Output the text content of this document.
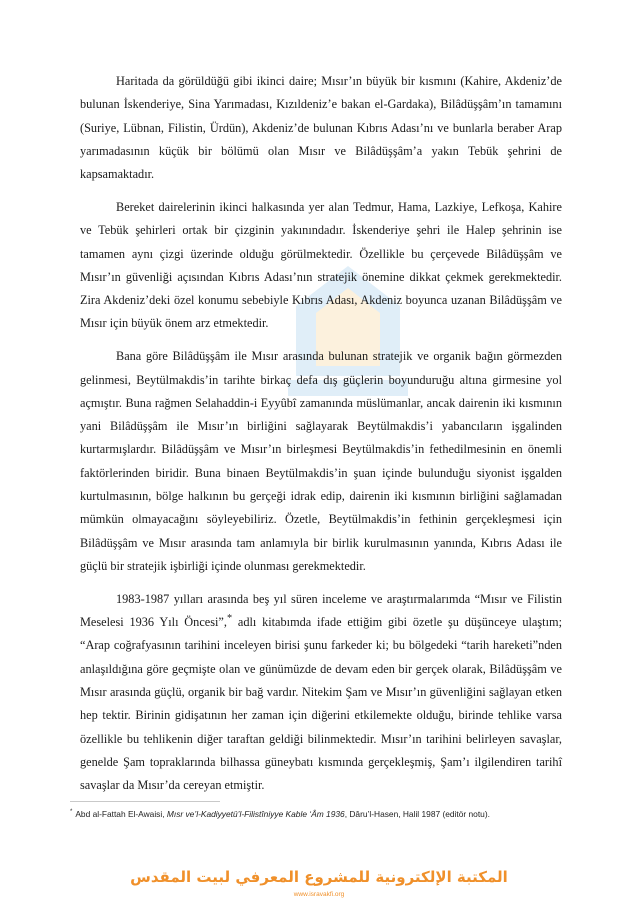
Haritada da görüldüğü gibi ikinci daire; Mısır’ın büyük bir kısmını (Kahire, Akdeniz’de bulunan İskenderiye, Sina Yarımadası, Kızıldeniz’e bakan el-Gardaka), Bilâdüşşâm’ın tamamını (Suriye, Lübnan, Filistin, Ürdün), Akdeniz’de bulunan Kıbrıs Adası’nı ve bunlarla beraber Arap yarımadasının küçük bir bölümü olan Mısır ve Bilâdüşşâm’a yakın Tebük şehrini de kapsamaktadır.

Bereket dairelerinin ikinci halkasında yer alan Tedmur, Hama, Lazkiye, Lefkoşa, Kahire ve Tebük şehirleri ortak bir çizginin yakınındadır. İskenderiye şehri ile Halep şehrinin ise tamamen aynı çizgi üzerinde olduğu görülmektedir. Özellikle bu çerçevede Bilâdüşşâm ve Mısır’ın güvenliği açısından Kıbrıs Adası’nın stratejik önemine dikkat çekmek gerekmektedir. Zira Akdeniz’deki özel konumu sebebiyle Kıbrıs Adası, Akdeniz boyunca uzanan Bilâdüşşâm ve Mısır için büyük önem arz etmektedir.

Bana göre Bilâdüşşâm ile Mısır arasında bulunan stratejik ve organik bağın görmezden gelinmesi, Beytülmakdis’in tarihte birkaç defa dış güçlerin boyunduruğu altına girmesine yol açmıştır. Buna rağmen Selahaddin-i Eyyûbî zamanında müslümanlar, ancak dairenin iki kısmının yani Bilâdüşşâm ile Mısır’ın birliğini sağlayarak Beytülmakdis’i yabancıların işgalinden kurtarmışlardır. Bilâdüşşâm ve Mısır’ın birleşmesi Beytülmakdis’in fethedilmesinin en önemli faktörlerinden biridir. Buna binaen Beytülmakdis’in şuan içinde bulunduğu siyonist işgalden kurtulmasının, bölge halkının bu gerçeği idrak edip, dairenin iki kısmının birliğini sağlamadan mümkün olmayacağını söyleyebiliriz. Özetle, Beytülmakdis’in fethinin gerçekleşmesi için Bilâdüşşâm ve Mısır arasında tam anlamıyla bir birlik kurulmasının yanında, Kıbrıs Adası ile güçlü bir stratejik işbirliği içinde olunması gerekmektedir.

1983-1987 yılları arasında beş yıl süren inceleme ve araştırmalarımda “Mısır ve Filistin Meselesi 1936 Yılı Öncesi”,* adlı kitabımda ifade ettiğim gibi özetle şu düşünceye ulaştım; “Arap coğrafyasının tarihini inceleyen birisi şunu farkeder ki; bu bölgedeki “tarih hareketi”nden anlaşıldığına göre geçmişte olan ve günümüzde de devam eden bir gerçek olarak, Bilâdüşşâm ve Mısır arasında güçlü, organik bir bağ vardır. Nitekim Şam ve Mısır’ın güvenliğini sağlayan etken hep tektir. Birinin gidişatının her zaman için diğerini etkilemekte olduğu, birinde tehlike varsa özellikle bu tehlikenin diğer taraftan geldiği bilinmektedir. Mısır’ın tarihini belirleyen savaşlar, genelde Şam topraklarında bilhassa güneybatı kısmında gerçekleşmiş, Şam’ı ilgilendiren tarihî savaşlar da Mısır’da cereyan etmiştir.

* Abd al-Fattah El-Awaisi, Mısr ve’l-Kadiyyetü’l-Filistîniyye Kable ‘Âm 1936, Dâru’l-Hasen, Halil 1987 (editör notu).
المكتبة الإلكترونية للمشروع المعرفي لبيت المقدس
www.isravakfi.org
